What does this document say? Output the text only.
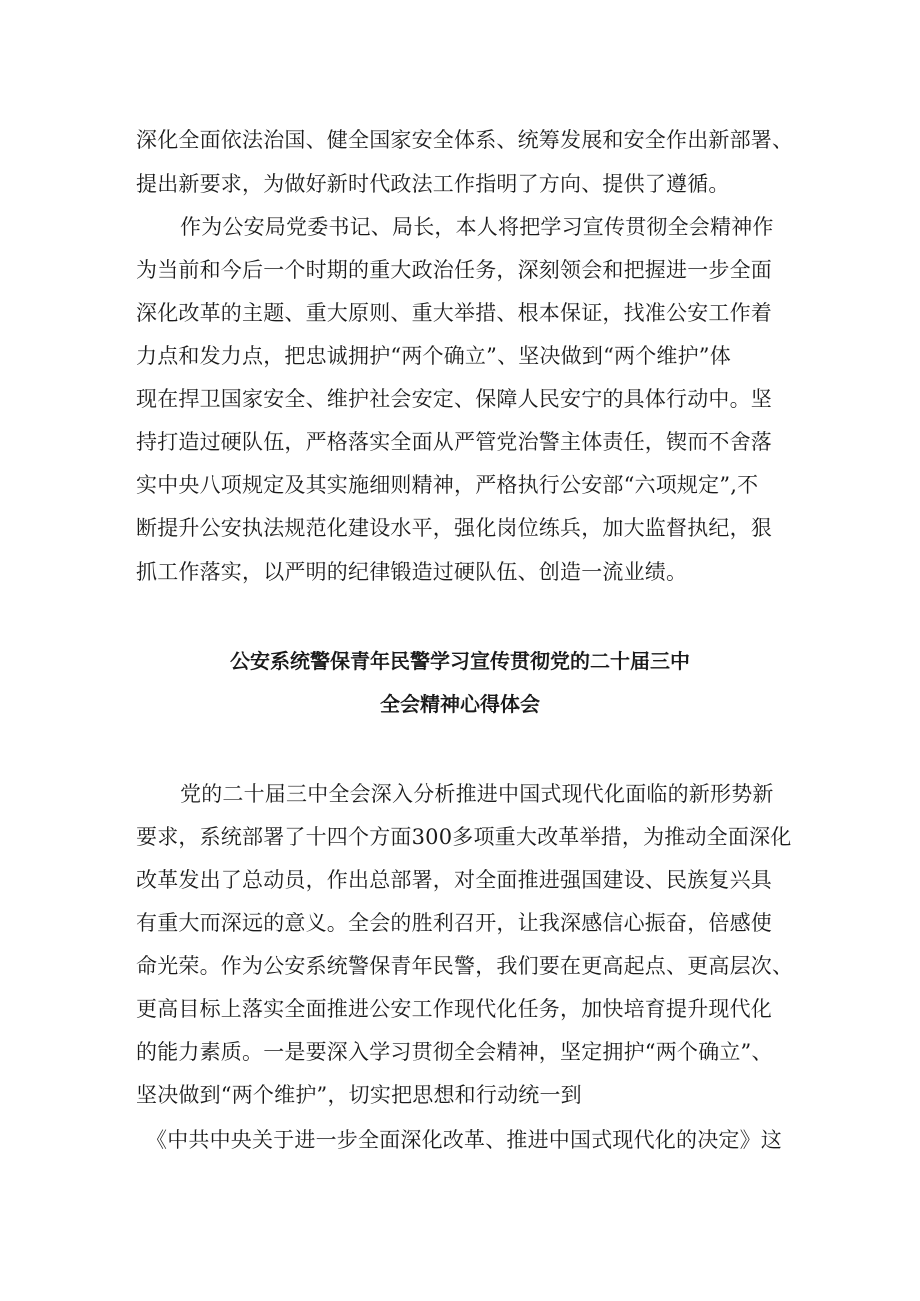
深化全面依法治国、健全国家安全体系、统筹发展和安全作出新部署、
提出新要求，为做好新时代政法工作指明了方向、提供了遵循。
作为公安局党委书记、局长，本人将把学习宣传贯彻全会精神作
为当前和今后一个时期的重大政治任务，深刻领会和把握进一步全面
深化改革的主题、重大原则、重大举措、根本保证，找准公安工作着
力点和发力点，把忠诚拥护“两个确立”、坚决做到“两个维护”体
现在捍卫国家安全、维护社会安定、保障人民安宁的具体行动中。坚
持打造过硬队伍，严格落实全面从严管党治警主体责任，锲而不舍落
实中央八项规定及其实施细则精神，严格执行公安部“六项规定”,不
断提升公安执法规范化建设水平，强化岗位练兵，加大监督执纪，狠
抓工作落实，以严明的纪律锻造过硬队伍、创造一流业绩。
公安系统警保青年民警学习宣传贯彻党的二十届三中
全会精神心得体会
党的二十届三中全会深入分析推进中国式现代化面临的新形势新
要求，系统部署了十四个方面300多项重大改革举措，为推动全面深化
改革发出了总动员，作出总部署，对全面推进强国建设、民族复兴具
有重大而深远的意义。全会的胜利召开，让我深感信心振奋，倍感使
命光荣。作为公安系统警保青年民警，我们要在更高起点、更高层次、
更高目标上落实全面推进公安工作现代化任务，加快培育提升现代化
的能力素质。一是要深入学习贯彻全会精神，坚定拥护“两个确立”、
坚决做到“两个维护”，切实把思想和行动统一到
《中共中央关于进一步全面深化改革、推进中国式现代化的决定》这
